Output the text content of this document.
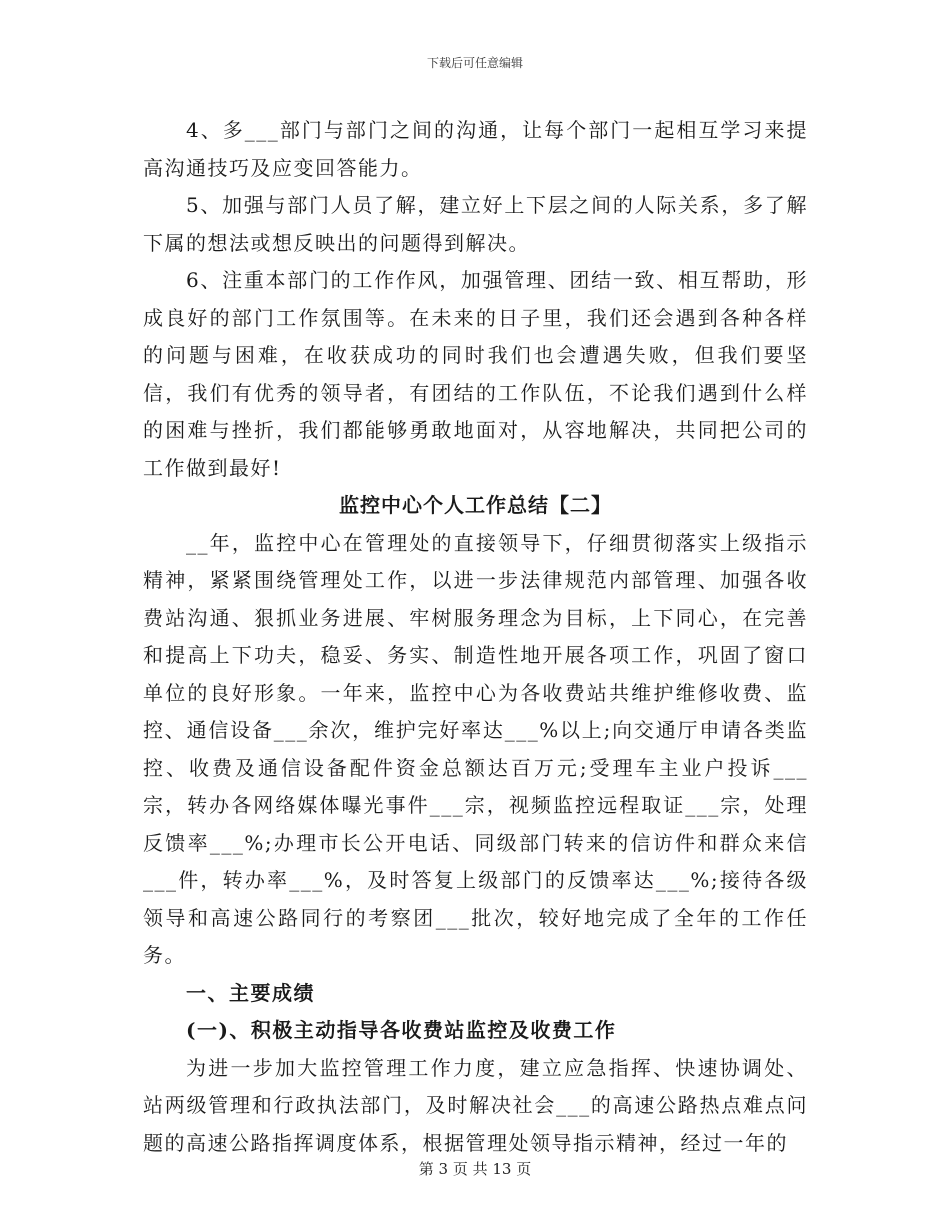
下载后可任意编辑

4、多___部门与部门之间的沟通，让每个部门一起相互学习来提高沟通技巧及应变回答能力。

5、加强与部门人员了解，建立好上下层之间的人际关系，多了解下属的想法或想反映出的问题得到解决。

6、注重本部门的工作作风，加强管理、团结一致、相互帮助，形成良好的部门工作氛围等。在未来的日子里，我们还会遇到各种各样的问题与困难，在收获成功的同时我们也会遭遇失败，但我们要坚信，我们有优秀的领导者，有团结的工作队伍，不论我们遇到什么样的困难与挫折，我们都能够勇敢地面对，从容地解决，共同把公司的工作做到最好!

监控中心个人工作总结【二】

__年，监控中心在管理处的直接领导下，仔细贯彻落实上级指示精神，紧紧围绕管理处工作，以进一步法律规范内部管理、加强各收费站沟通、狠抓业务进展、牢树服务理念为目标，上下同心，在完善和提高上下功夫，稳妥、务实、制造性地开展各项工作，巩固了窗口单位的良好形象。一年来，监控中心为各收费站共维护维修收费、监控、通信设备___余次，维护完好率达___%以上;向交通厅申请各类监控、收费及通信设备配件资金总额达百万元;受理车主业户投诉___宗，转办各网络媒体曝光事件___宗，视频监控远程取证___宗，处理反馈率___%;办理市长公开电话、同级部门转来的信访件和群众来信___件，转办率___%，及时答复上级部门的反馈率达___%;接待各级领导和高速公路同行的考察团___批次，较好地完成了全年的工作任务。

一、主要成绩

(一)、积极主动指导各收费站监控及收费工作

为进一步加大监控管理工作力度，建立应急指挥、快速协调处、站两级管理和行政执法部门，及时解决社会___的高速公路热点难点问题的高速公路指挥调度体系，根据管理处领导指示精神，经过一年的

第 3 页 共 13 页
